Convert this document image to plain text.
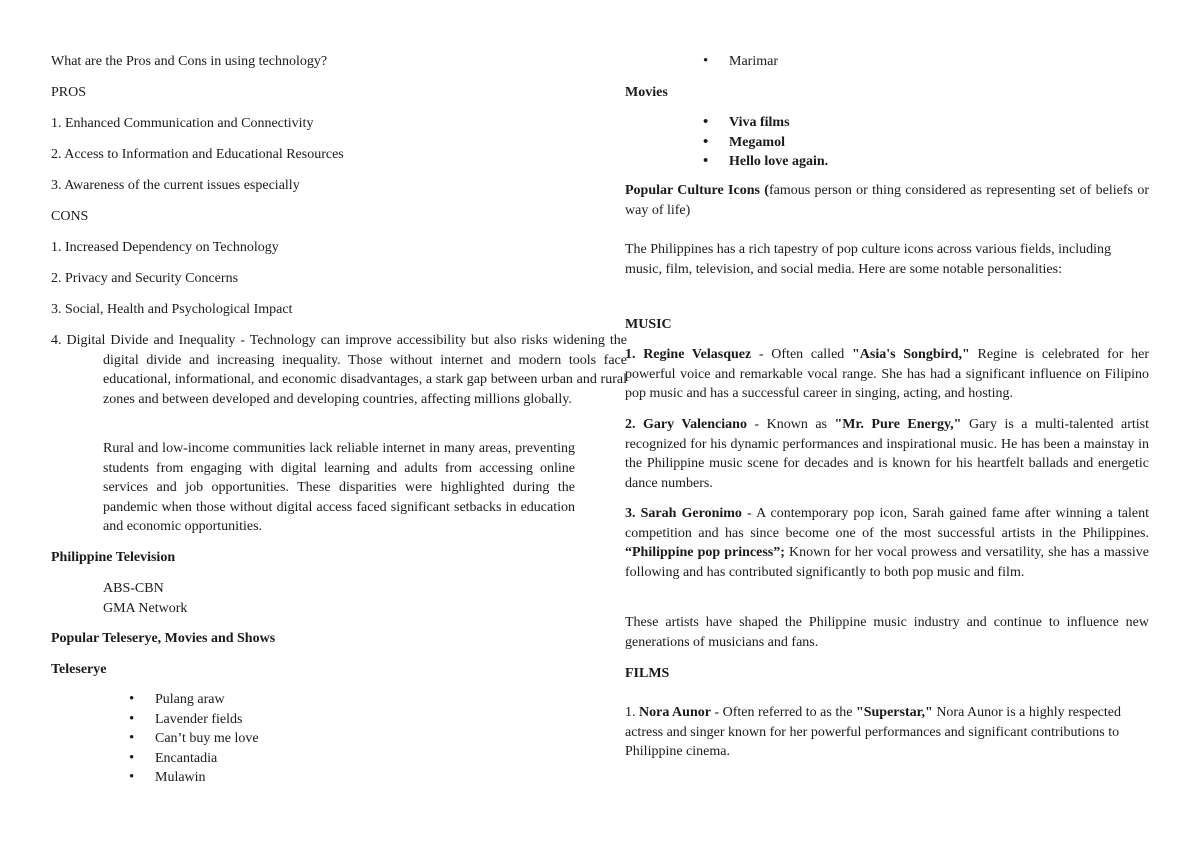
What are the Pros and Cons in using technology?

PROS

1. Enhanced Communication and Connectivity

2. Access to Information and Educational Resources

3. Awareness of the current issues especially

CONS

1. Increased Dependency on Technology

2. Privacy and Security Concerns

3. Social, Health and Psychological Impact

4. Digital Divide and Inequality - Technology can improve accessibility but also risks widening the digital divide and increasing inequality. Those without internet and modern tools face educational, informational, and economic disadvantages, a stark gap between urban and rural zones and between developed and developing countries, affecting millions globally.

Rural and low-income communities lack reliable internet in many areas, preventing students from engaging with digital learning and adults from accessing online services and job opportunities. These disparities were highlighted during the pandemic when those without digital access faced significant setbacks in education and economic opportunities.

Philippine Television

ABS-CBN
GMA Network

Popular Teleserye, Movies and Shows

Teleserye

• Pulang araw
• Lavender fields
• Can’t buy me love
• Encantadia
• Mulawin
• Marimar

Movies

• Viva films
• Megamol
• Hello love again.

Popular Culture Icons (famous person or thing considered as representing set of beliefs or way of life)

The Philippines has a rich tapestry of pop culture icons across various fields, including music, film, television, and social media. Here are some notable personalities:

MUSIC

1. Regine Velasquez - Often called "Asia's Songbird," Regine is celebrated for her powerful voice and remarkable vocal range. She has had a significant influence on Filipino pop music and has a successful career in singing, acting, and hosting.

2. Gary Valenciano - Known as "Mr. Pure Energy," Gary is a multi-talented artist recognized for his dynamic performances and inspirational music. He has been a mainstay in the Philippine music scene for decades and is known for his heartfelt ballads and energetic dance numbers.

3. Sarah Geronimo - A contemporary pop icon, Sarah gained fame after winning a talent competition and has since become one of the most successful artists in the Philippines. “Philippine pop princess”; Known for her vocal prowess and versatility, she has a massive following and has contributed significantly to both pop music and film.

These artists have shaped the Philippine music industry and continue to influence new generations of musicians and fans.

FILMS

1. Nora Aunor - Often referred to as the "Superstar," Nora Aunor is a highly respected actress and singer known for her powerful performances and significant contributions to Philippine cinema.
